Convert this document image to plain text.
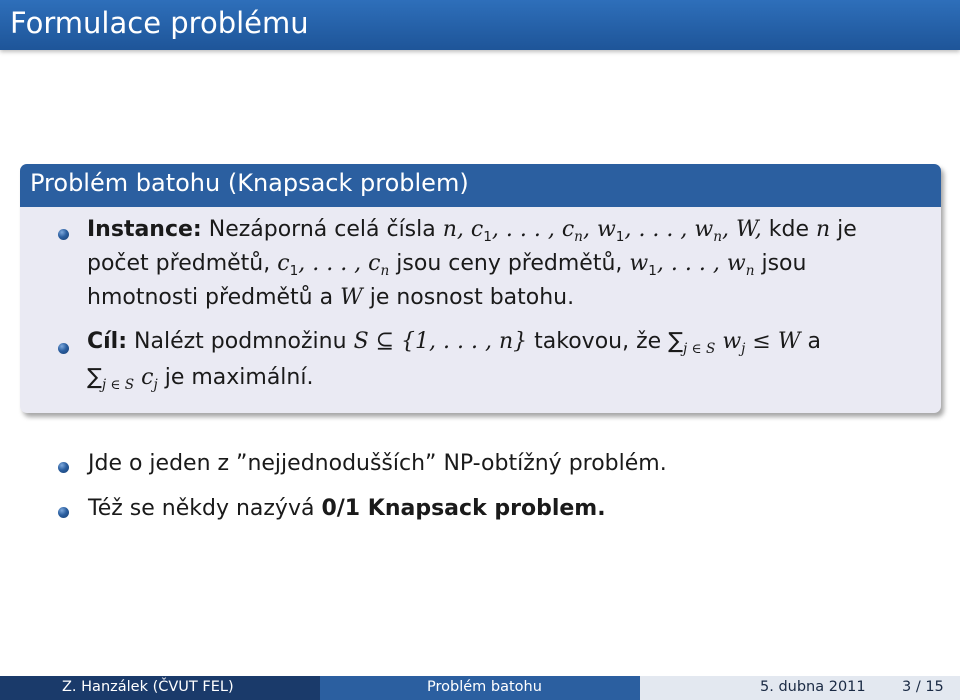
Formulace problému
Problém batohu (Knapsack problem)
Instance: Nezáporná celá čísla n, $c_1$, . . . , $c_n$, $w_1$, . . . , $w_n$, W, kde n je
počet předmětů, $c_1$, . . . , $c_n$ jsou ceny předmětů, $w_1$, . . . , $w_n$ jsou
hmotnosti předmětů a W je nosnost batohu.
Cíl: Nalézt podmnožinu S ⊆ {1, . . . , n} takovou, že $\sum_{j \in S}$ $w_j \le W$ a
$\sum_{j \in S}$ $c_j$ je maximální.
Jde o jeden z ”nejjednodušších” NP-obtížný problém.
Též se někdy nazývá 0/1 Knapsack problem.
Z. Hanzálek (ČVUT FEL)	Problém batohu	5. dubna 2011	3 / 15
